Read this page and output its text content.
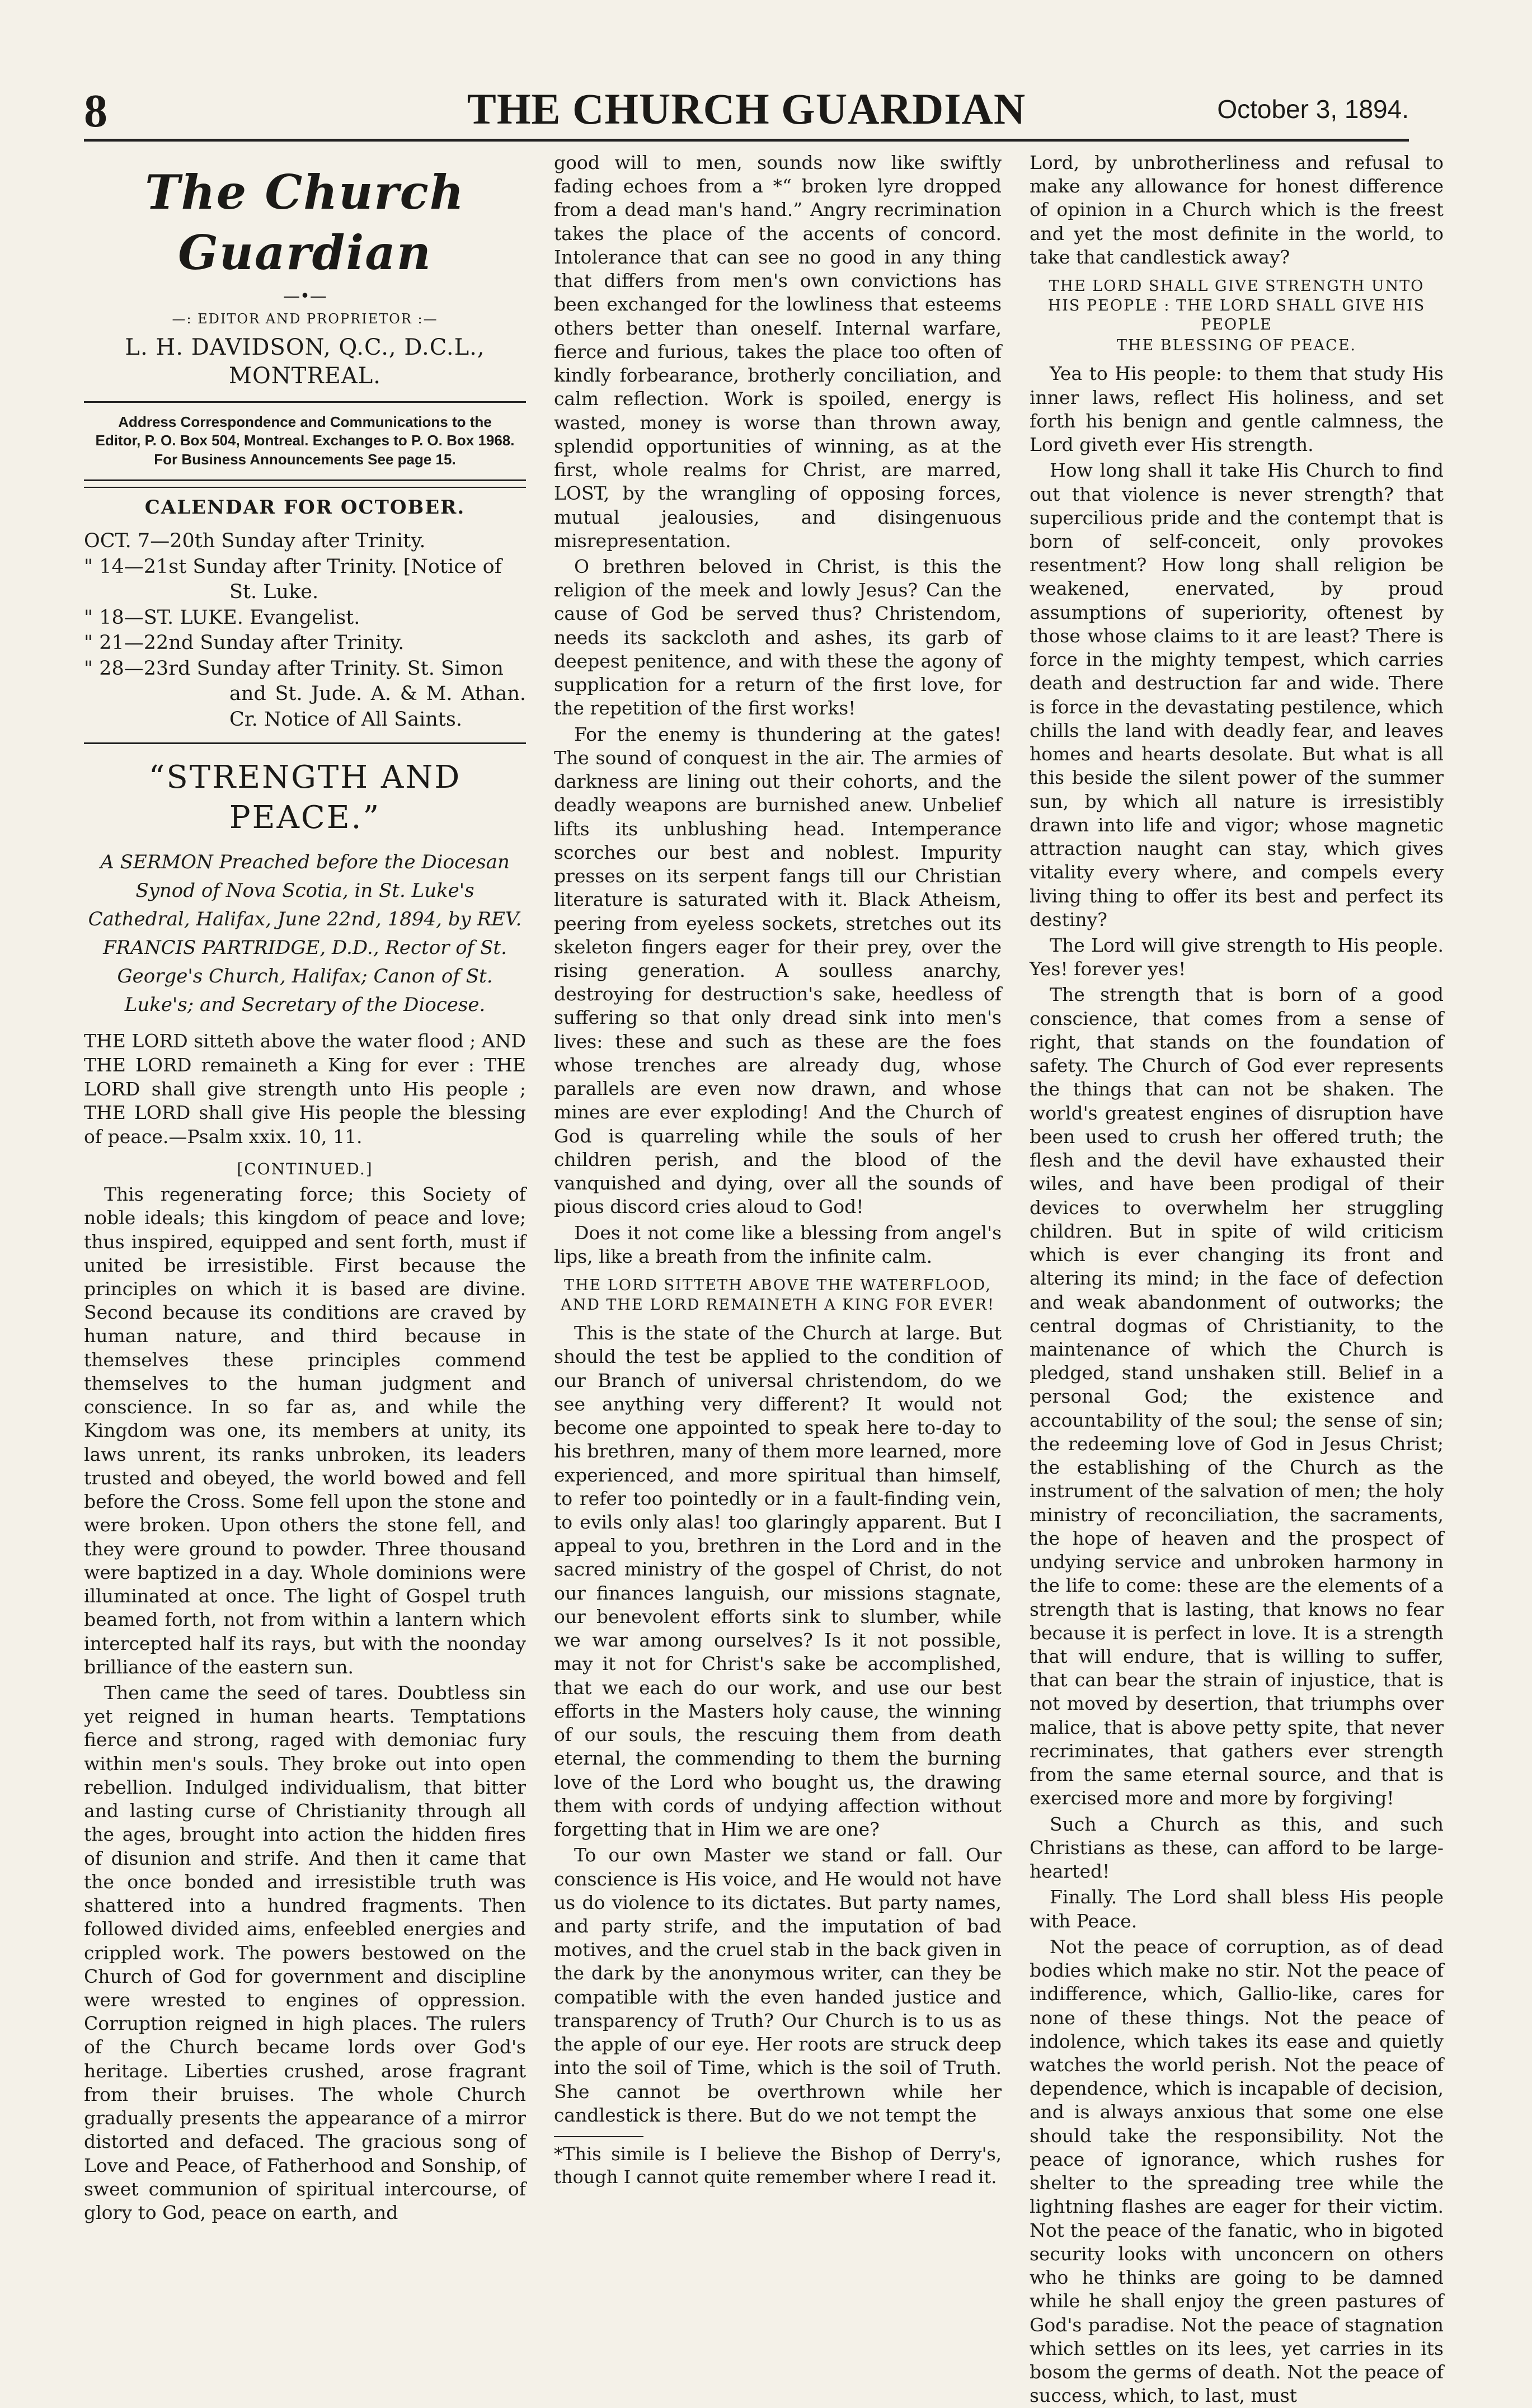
8	THE CHURCH GUARDIAN	October 3, 1894.
The Church Guardian
—•—
—: EDITOR AND PROPRIETOR :—
L. H. DAVIDSON, Q.C., D.C.L., MONTREAL.
Address Correspondence and Communications to the Editor, P. O. Box 504, Montreal. Exchanges to P. O. Box 1968. For Business Announcements See page 15.
CALENDAR FOR OCTOBER.
OCT. 7—20th Sunday after Trinity.
" 14—21st Sunday after Trinity. [Notice of
St. Luke.
" 18—ST. LUKE. Evangelist.
" 21—22nd Sunday after Trinity.
" 28—23rd Sunday after Trinity. St. Simon
and St. Jude. A. & M. Athan. Cr. Notice of All Saints.
“STRENGTH AND PEACE.”
A SERMON Preached before the Diocesan Synod of Nova Scotia, in St. Luke's Cathedral, Halifax, June 22nd, 1894, by REV. FRANCIS PARTRIDGE, D.D., Rector of St. George's Church, Halifax; Canon of St. Luke's; and Secretary of the Diocese.
THE LORD sitteth above the water flood ; AND THE LORD remaineth a King for ever : THE LORD shall give strength unto His people ; THE LORD shall give His people the blessing of peace.—Psalm xxix. 10, 11.
[CONTINUED.]

This regenerating force; this Society of noble ideals; this kingdom of peace and love; thus inspired, equipped and sent forth, must if united be irresistible. First because the principles on which it is based are divine. Second because its conditions are craved by human nature, and third because in themselves these principles commend themselves to the human judgment and conscience. In so far as, and while the Kingdom was one, its members at unity, its laws unrent, its ranks unbroken, its leaders trusted and obeyed, the world bowed and fell before the Cross. Some fell upon the stone and were broken. Upon others the stone fell, and they were ground to powder. Three thousand were baptized in a day. Whole dominions were illuminated at once. The light of Gospel truth beamed forth, not from within a lantern which intercepted half its rays, but with the noonday brilliance of the eastern sun.

Then came the seed of tares. Doubtless sin yet reigned in human hearts. Temptations fierce and strong, raged with demoniac fury within men's souls. They broke out into open rebellion. Indulged individualism, that bitter and lasting curse of Christianity through all the ages, brought into action the hidden fires of disunion and strife. And then it came that the once bonded and irresistible truth was shattered into a hundred fragments. Then followed divided aims, enfeebled energies and crippled work. The powers bestowed on the Church of God for government and discipline were wrested to engines of oppression. Corruption reigned in high places. The rulers of the Church became lords over God's heritage. Liberties crushed, arose fragrant from their bruises. The whole Church gradually presents the appearance of a mirror distorted and defaced. The gracious song of Love and Peace, of Fatherhood and Sonship, of sweet communion of spiritual intercourse, of glory to God, peace on earth, and

good will to men, sounds now like swiftly fading echoes from a *“ broken lyre dropped from a dead man's hand.” Angry recrimination takes the place of the accents of concord. Intolerance that can see no good in any thing that differs from men's own convictions has been exchanged for the lowliness that esteems others better than oneself. Internal warfare, fierce and furious, takes the place too often of kindly forbearance, brotherly conciliation, and calm reflection. Work is spoiled, energy is wasted, money is worse than thrown away, splendid opportunities of winning, as at the first, whole realms for Christ, are marred, LOST, by the wrangling of opposing forces, mutual jealousies, and disingenuous misrepresentation.

O brethren beloved in Christ, is this the religion of the meek and lowly Jesus? Can the cause of God be served thus? Christendom, needs its sackcloth and ashes, its garb of deepest penitence, and with these the agony of supplication for a return of the first love, for the repetition of the first works!

For the enemy is thundering at the gates! The sound of conquest in the air. The armies of darkness are lining out their cohorts, and the deadly weapons are burnished anew. Unbelief lifts its unblushing head. Intemperance scorches our best and noblest. Impurity presses on its serpent fangs till our Christian literature is saturated with it. Black Atheism, peering from eyeless sockets, stretches out its skeleton fingers eager for their prey, over the rising generation. A soulless anarchy, destroying for destruction's sake, heedless of suffering so that only dread sink into men's lives: these and such as these are the foes whose trenches are already dug, whose parallels are even now drawn, and whose mines are ever exploding! And the Church of God is quarreling while the souls of her children perish, and the blood of the vanquished and dying, over all the sounds of pious discord cries aloud to God!

Does it not come like a blessing from angel's lips, like a breath from the infinite calm.

THE LORD SITTETH ABOVE THE WATERFLOOD, AND THE LORD REMAINETH A KING FOR EVER!

This is the state of the Church at large. But should the test be applied to the condition of our Branch of universal christendom, do we see anything very different? It would not become one appointed to speak here to-day to his brethren, many of them more learned, more experienced, and more spiritual than himself, to refer too pointedly or in a fault-finding vein, to evils only alas! too glaringly apparent. But I appeal to you, brethren in the Lord and in the sacred ministry of the gospel of Christ, do not our finances languish, our missions stagnate, our benevolent efforts sink to slumber, while we war among ourselves? Is it not possible, may it not for Christ's sake be accomplished, that we each do our work, and use our best efforts in the Masters holy cause, the winning of our souls, the rescuing them from death eternal, the commending to them the burning love of the Lord who bought us, the drawing them with cords of undying affection without forgetting that in Him we are one?

To our own Master we stand or fall. Our conscience is His voice, and He would not have us do violence to its dictates. But party names, and party strife, and the imputation of bad motives, and the cruel stab in the back given in the dark by the anonymous writer, can they be compatible with the even handed justice and transparency of Truth? Our Church is to us as the apple of our eye. Her roots are struck deep into the soil of Time, which is the soil of Truth. She cannot be overthrown while her candlestick is there. But do we not tempt the

*This simile is I believe the Bishop of Derry's, though I cannot quite remember where I read it.

Lord, by unbrotherliness and refusal to make any allowance for honest difference of opinion in a Church which is the freest and yet the most definite in the world, to take that candlestick away?

THE LORD SHALL GIVE STRENGTH UNTO HIS PEOPLE : THE LORD SHALL GIVE HIS PEOPLE
THE BLESSING OF PEACE.

Yea to His people: to them that study His inner laws, reflect His holiness, and set forth his benign and gentle calmness, the Lord giveth ever His strength.

How long shall it take His Church to find out that violence is never strength? that supercilious pride and the contempt that is born of self-conceit, only provokes resentment? How long shall religion be weakened, enervated, by proud assumptions of superiority, oftenest by those whose claims to it are least? There is force in the mighty tempest, which carries death and destruction far and wide. There is force in the devastating pestilence, which chills the land with deadly fear, and leaves homes and hearts desolate. But what is all this beside the silent power of the summer sun, by which all nature is irresistibly drawn into life and vigor; whose magnetic attraction naught can stay, which gives vitality every where, and compels every living thing to offer its best and perfect its destiny?

The Lord will give strength to His people. Yes! forever yes!

The strength that is born of a good conscience, that comes from a sense of right, that stands on the foundation of safety. The Church of God ever represents the things that can not be shaken. The world's greatest engines of disruption have been used to crush her offered truth; the flesh and the devil have exhausted their wiles, and have been prodigal of their devices to overwhelm her struggling children. But in spite of wild criticism which is ever changing its front and altering its mind; in the face of defection and weak abandonment of outworks; the central dogmas of Christianity, to the maintenance of which the Church is pledged, stand unshaken still. Belief in a personal God; the existence and accountability of the soul; the sense of sin; the redeeming love of God in Jesus Christ; the establishing of the Church as the instrument of the salvation of men; the holy ministry of reconciliation, the sacraments, the hope of heaven and the prospect of undying service and unbroken harmony in the life to come: these are the elements of a strength that is lasting, that knows no fear because it is perfect in love. It is a strength that will endure, that is willing to suffer, that can bear the strain of injustice, that is not moved by desertion, that triumphs over malice, that is above petty spite, that never recriminates, that gathers ever strength from the same eternal source, and that is exercised more and more by forgiving!

Such a Church as this, and such Christians as these, can afford to be large-hearted!

Finally. The Lord shall bless His people with Peace.

Not the peace of corruption, as of dead bodies which make no stir. Not the peace of indifference, which, Gallio-like, cares for none of these things. Not the peace of indolence, which takes its ease and quietly watches the world perish. Not the peace of dependence, which is incapable of decision, and is always anxious that some one else should take the responsibility. Not the peace of ignorance, which rushes for shelter to the spreading tree while the lightning flashes are eager for their victim. Not the peace of the fanatic, who in bigoted security looks with unconcern on others who he thinks are going to be damned while he shall enjoy the green pastures of God's paradise. Not the peace of stagnation which settles on its lees, yet carries in its bosom the germs of death. Not the peace of success, which, to last, must
